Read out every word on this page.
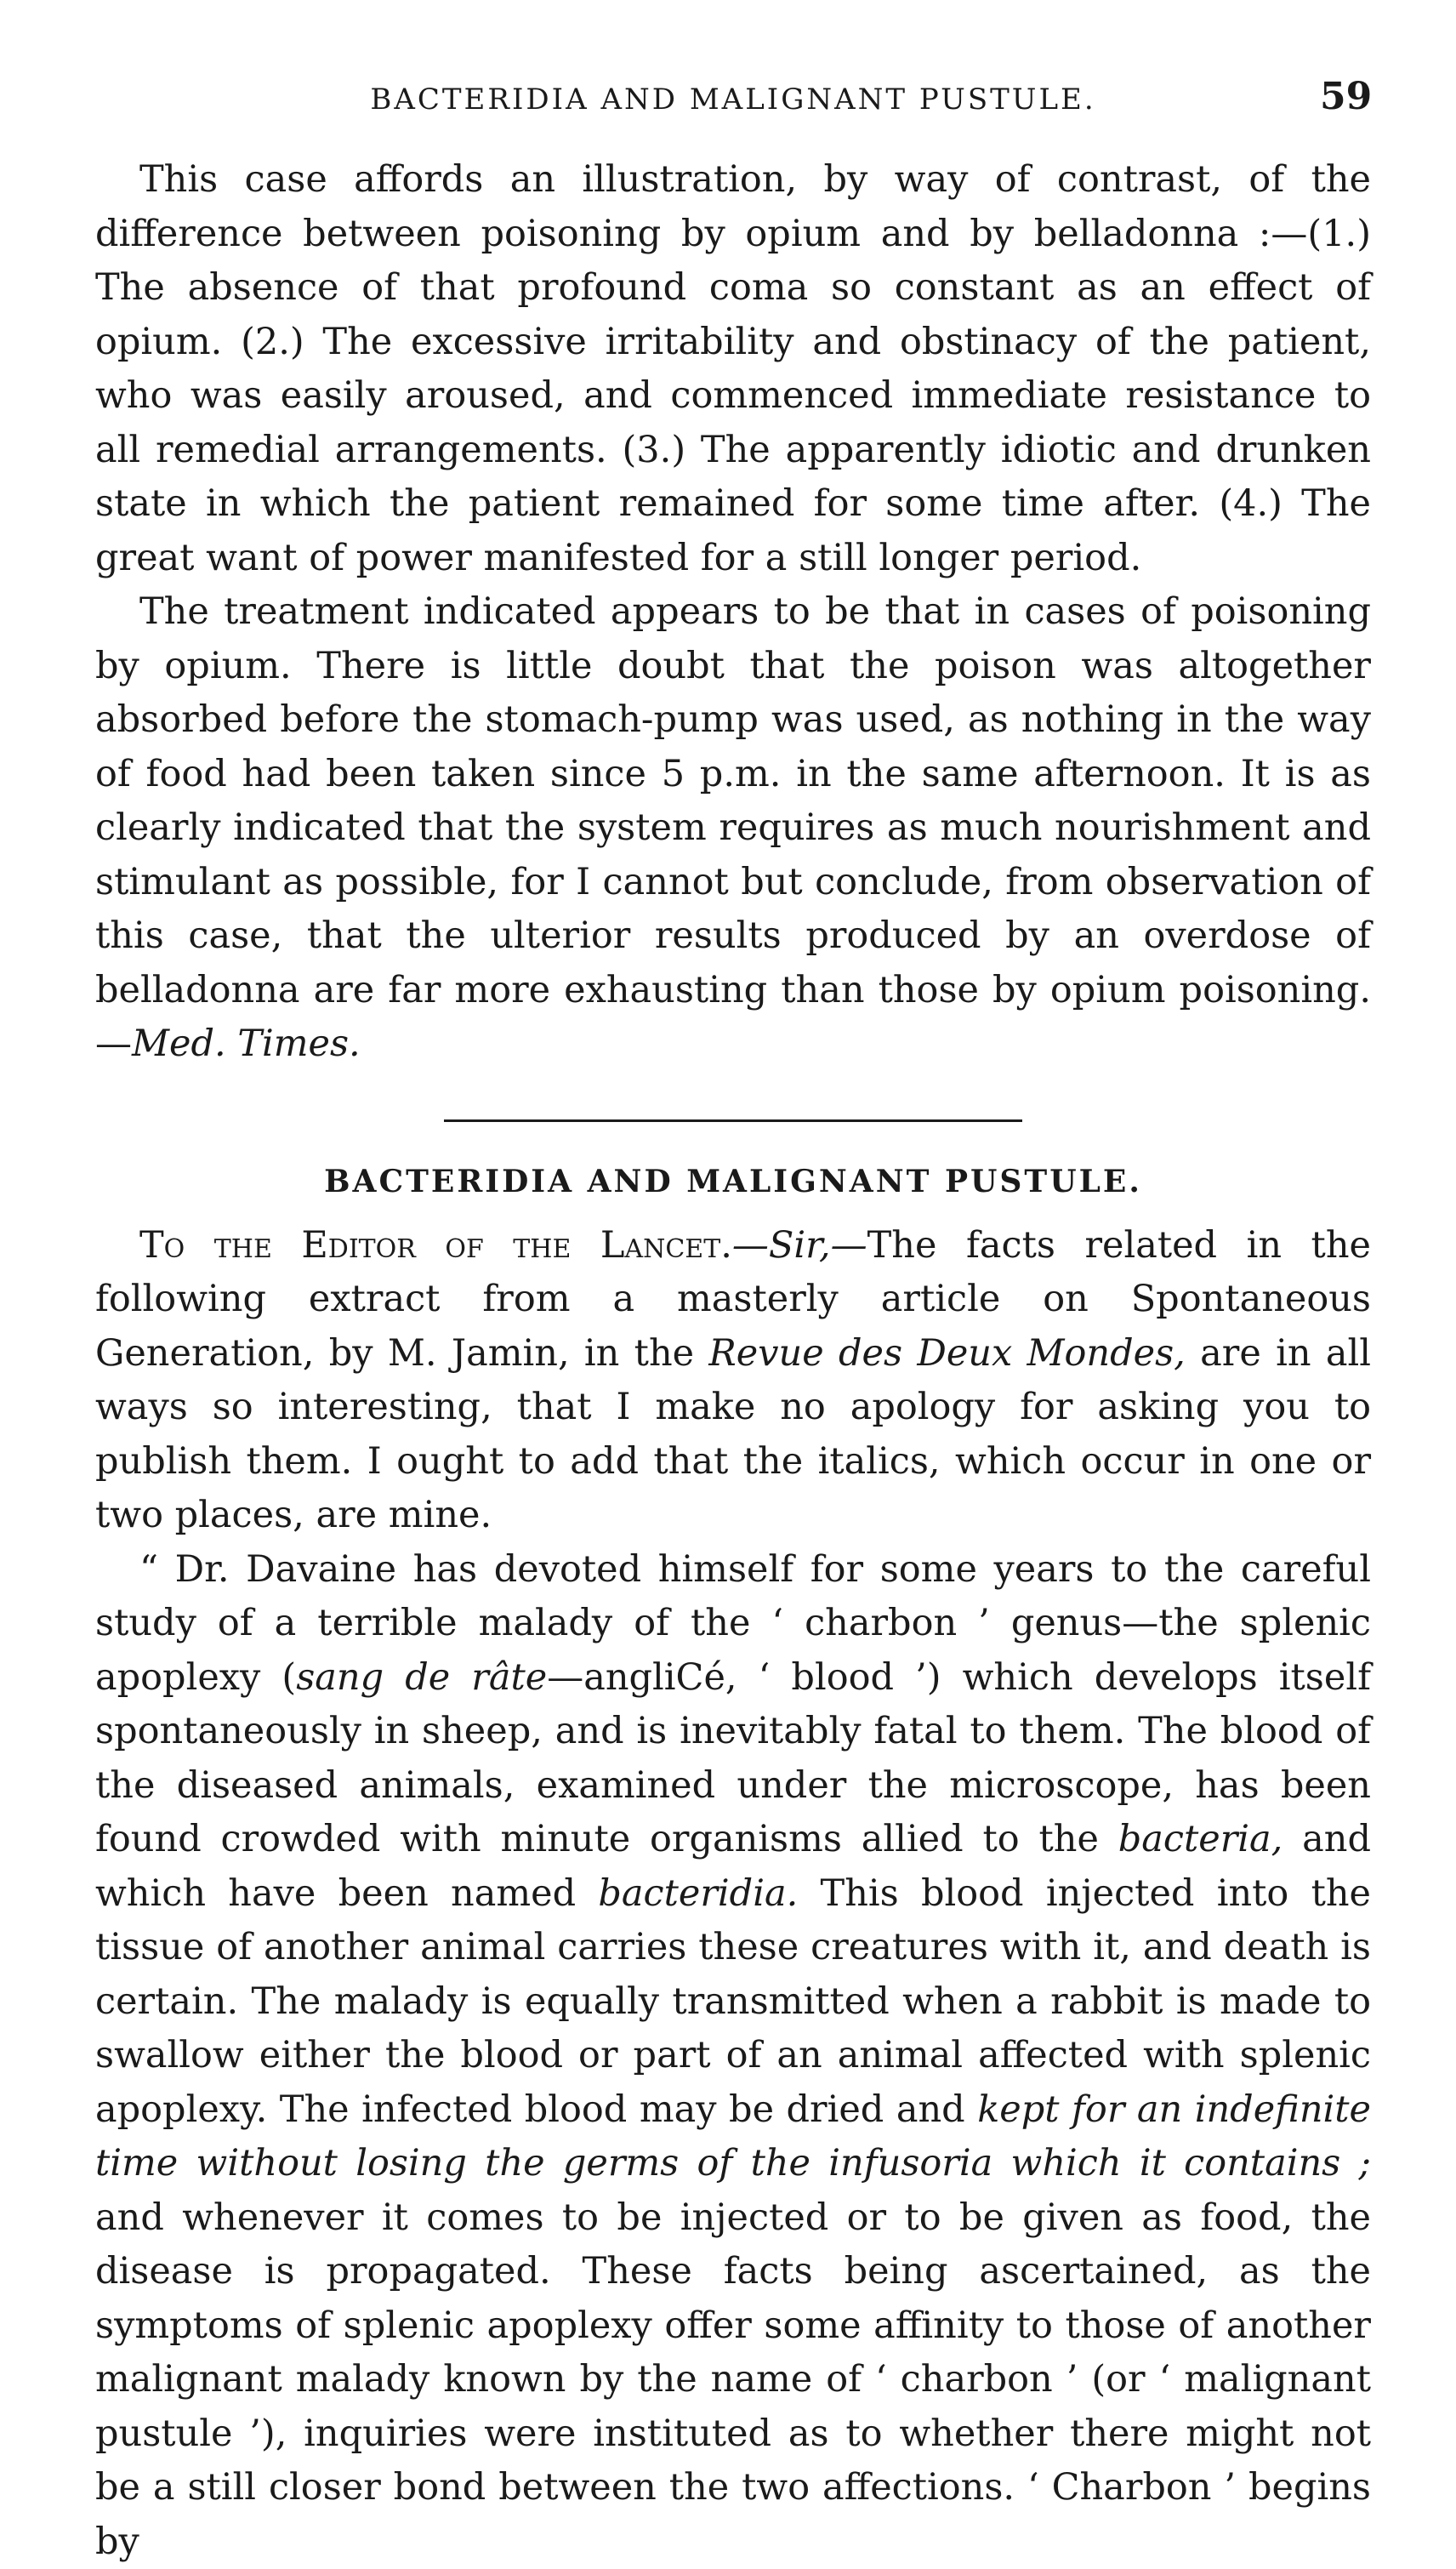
BACTERIDIA AND MALIGNANT PUSTULE.	59

This case affords an illustration, by way of contrast, of the difference between poisoning by opium and by belladonna :—(1.) The absence of that profound coma so constant as an effect of opium. (2.) The excessive irritability and obstinacy of the patient, who was easily aroused, and commenced immediate resistance to all remedial arrangements. (3.) The apparently idiotic and drunken state in which the patient remained for some time after. (4.) The great want of power manifested for a still longer period.

The treatment indicated appears to be that in cases of poisoning by opium. There is little doubt that the poison was altogether absorbed before the stomach-pump was used, as nothing in the way of food had been taken since 5 p.m. in the same afternoon. It is as clearly indicated that the system requires as much nourishment and stimulant as possible, for I cannot but conclude, from observation of this case, that the ulterior results produced by an overdose of belladonna are far more exhausting than those by opium poisoning.—Med. Times.

BACTERIDIA AND MALIGNANT PUSTULE.

To the Editor of the Lancet.—Sir,—The facts related in the following extract from a masterly article on Spontaneous Generation, by M. Jamin, in the Revue des Deux Mondes, are in all ways so interesting, that I make no apology for asking you to publish them. I ought to add that the italics, which occur in one or two places, are mine.

“ Dr. Davaine has devoted himself for some years to the careful study of a terrible malady of the ‘ charbon ’ genus—the splenic apoplexy (sang de râte—angliCé, ‘ blood ’) which develops itself spontaneously in sheep, and is inevitably fatal to them. The blood of the diseased animals, examined under the microscope, has been found crowded with minute organisms allied to the bacteria, and which have been named bacteridia. This blood injected into the tissue of another animal carries these creatures with it, and death is certain. The malady is equally transmitted when a rabbit is made to swallow either the blood or part of an animal affected with splenic apoplexy. The infected blood may be dried and kept for an indefinite time without losing the germs of the infusoria which it contains ; and whenever it comes to be injected or to be given as food, the disease is propagated. These facts being ascertained, as the symptoms of splenic apoplexy offer some affinity to those of another malignant malady known by the name of ‘ charbon ’ (or ‘ malignant pustule ’), inquiries were instituted as to whether there might not be a still closer bond between the two affections. ‘ Charbon ’ begins by
